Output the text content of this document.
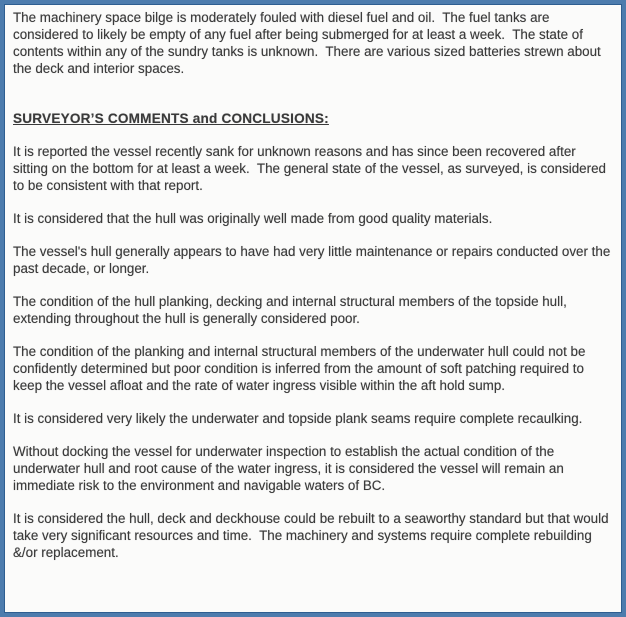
The machinery space bilge is moderately fouled with diesel fuel and oil.  The fuel tanks are considered to likely be empty of any fuel after being submerged for at least a week.  The state of contents within any of the sundry tanks is unknown.  There are various sized batteries strewn about the deck and interior spaces.

SURVEYOR’S COMMENTS and CONCLUSIONS:

It is reported the vessel recently sank for unknown reasons and has since been recovered after sitting on the bottom for at least a week.  The general state of the vessel, as surveyed, is considered to be consistent with that report.

It is considered that the hull was originally well made from good quality materials.

The vessel's hull generally appears to have had very little maintenance or repairs conducted over the past decade, or longer.

The condition of the hull planking, decking and internal structural members of the topside hull, extending throughout the hull is generally considered poor.

The condition of the planking and internal structural members of the underwater hull could not be confidently determined but poor condition is inferred from the amount of soft patching required to keep the vessel afloat and the rate of water ingress visible within the aft hold sump.

It is considered very likely the underwater and topside plank seams require complete recaulking.

Without docking the vessel for underwater inspection to establish the actual condition of the underwater hull and root cause of the water ingress, it is considered the vessel will remain an immediate risk to the environment and navigable waters of BC.

It is considered the hull, deck and deckhouse could be rebuilt to a seaworthy standard but that would take very significant resources and time.  The machinery and systems require complete rebuilding &/or replacement.
